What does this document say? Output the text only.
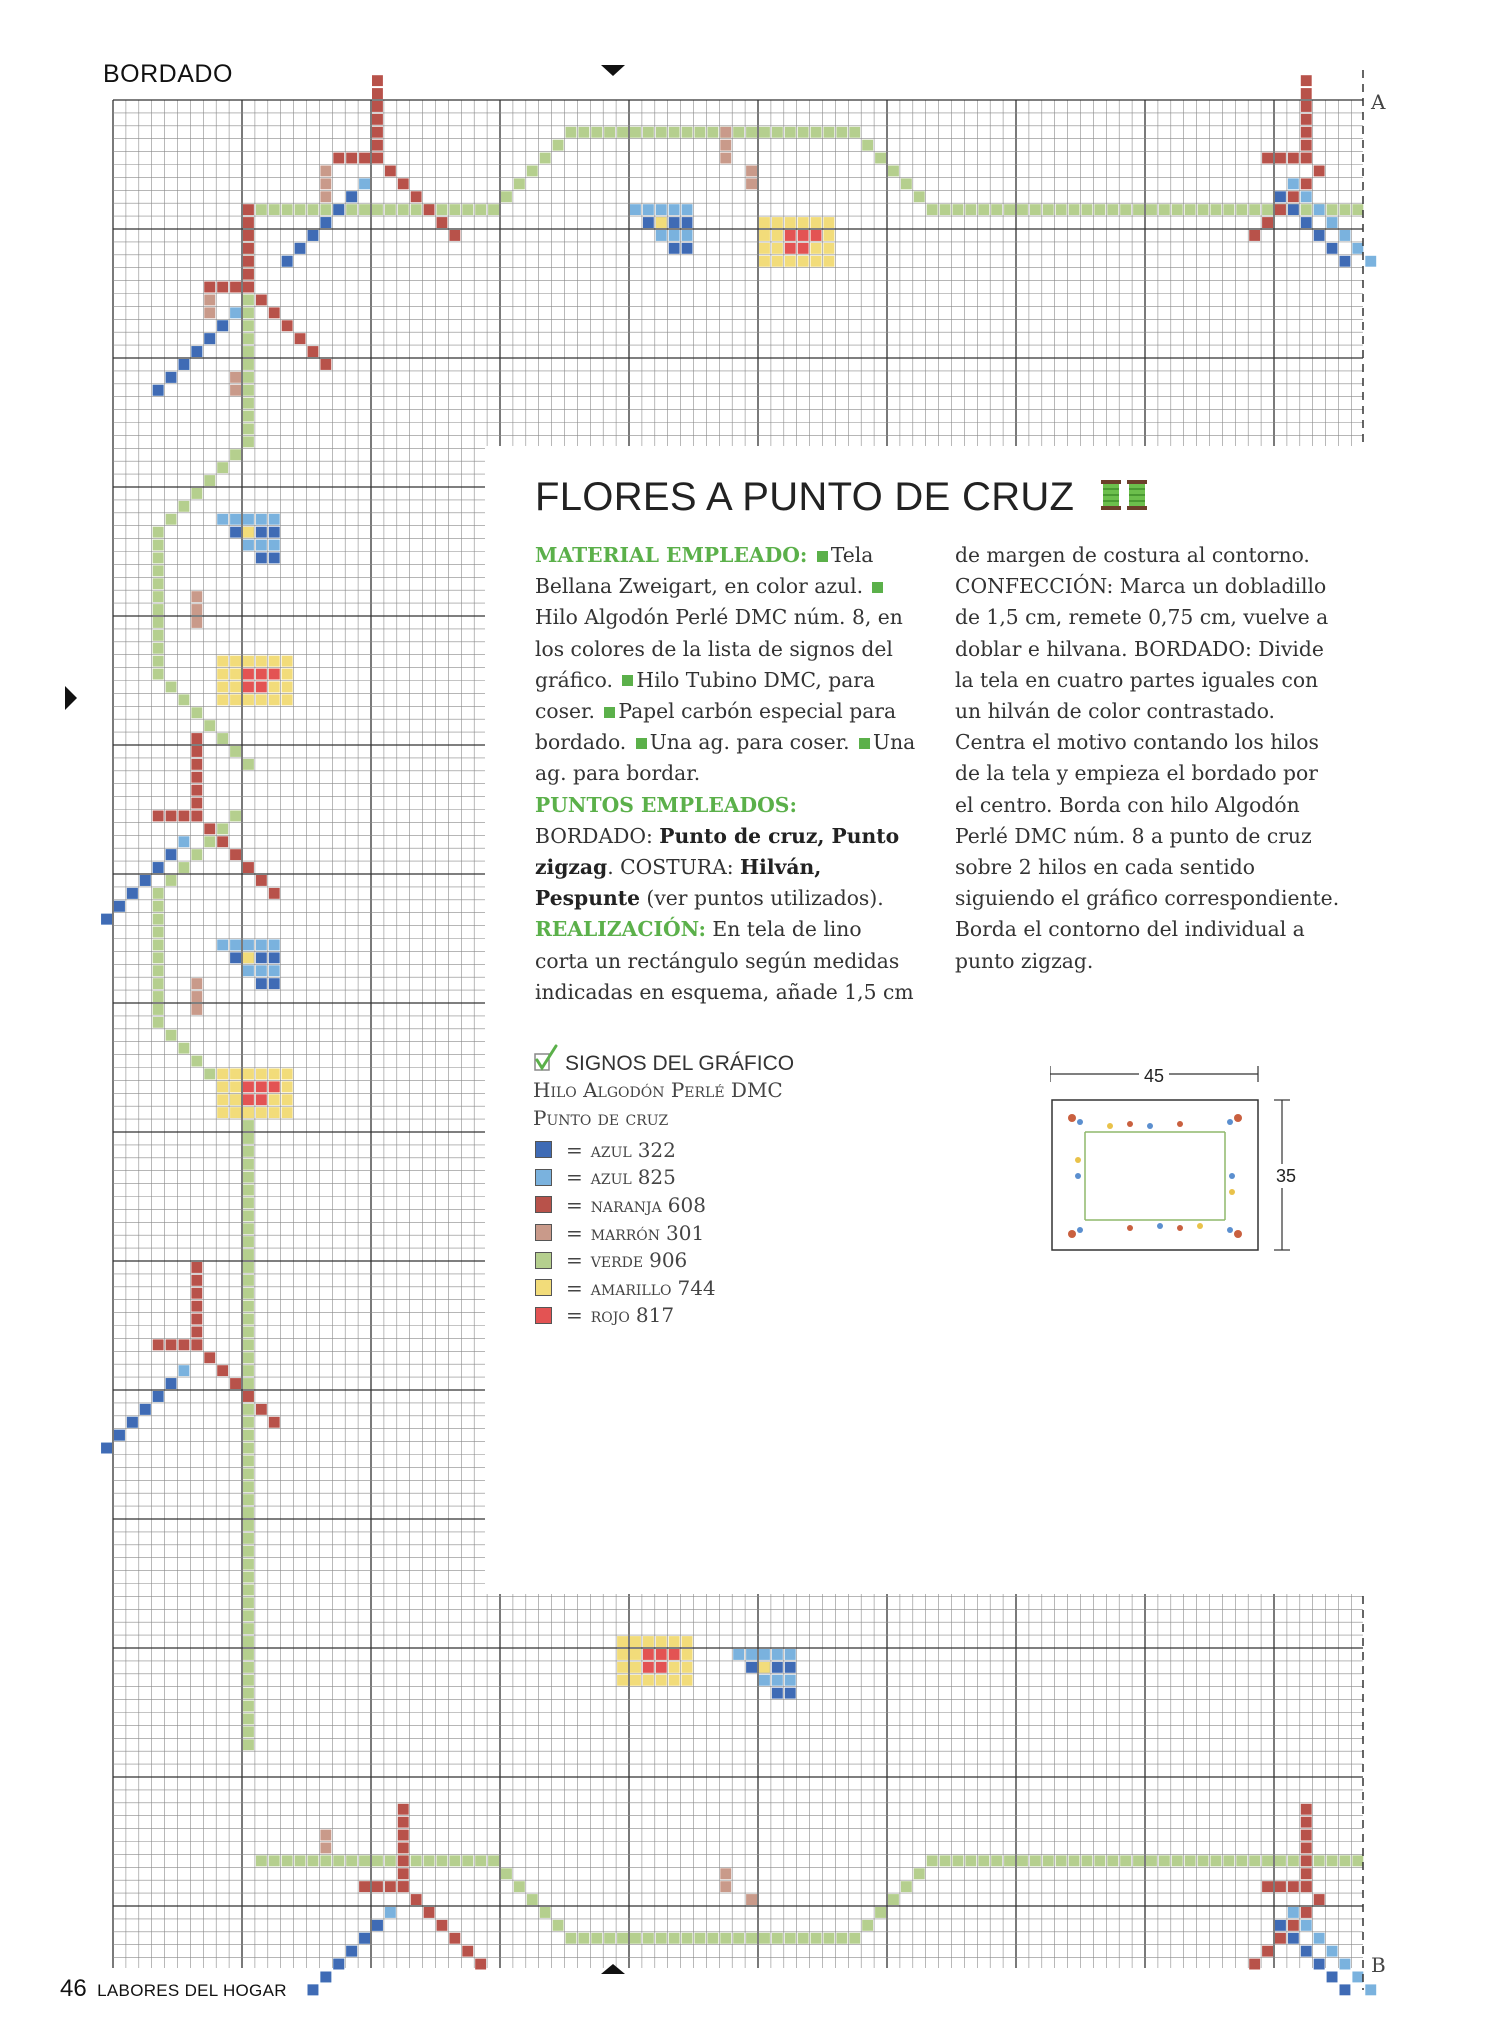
BORDADO
A
B
FLORES A PUNTO DE CRUZ
MATERIAL EMPLEADO: Tela Bellana Zweigart, en color azul. Hilo Algodón Perlé DMC núm. 8, en los colores de la lista de signos del gráfico. Hilo Tubino DMC, para coser. Papel carbón especial para bordado. Una ag. para coser. Una ag. para bordar.
PUNTOS EMPLEADOS: BORDADO: Punto de cruz, Punto zigzag. COSTURA: Hilván, Pespunte (ver puntos utilizados).
REALIZACIÓN: En tela de lino corta un rectángulo según medidas indicadas en esquema, añade 1,5 cm
de margen de costura al contorno. CONFECCIÓN: Marca un dobladillo de 1,5 cm, remete 0,75 cm, vuelve a doblar e hilvana. BORDADO: Divide la tela en cuatro partes iguales con un hilván de color contrastado. Centra el motivo contando los hilos de la tela y empieza el bordado por el centro. Borda con hilo Algodón Perlé DMC núm. 8 a punto de cruz sobre 2 hilos en cada sentido siguiendo el gráfico correspondiente. Borda el contorno del individual a punto zigzag.
SIGNOS DEL GRÁFICO
Hilo Algodón Perlé DMC
Punto de cruz
= azul 322
= azul 825
= naranja 608
= marrón 301
= verde 906
= amarillo 744
= rojo 817
45
35
46 LABORES DEL HOGAR
